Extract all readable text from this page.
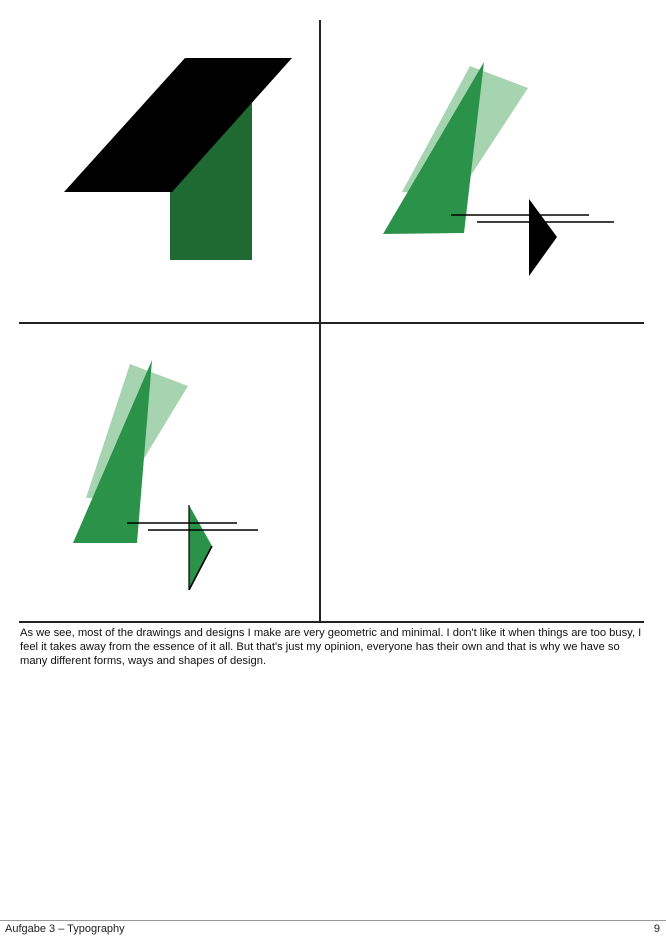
As we see, most of the drawings and designs I make are very geometric and minimal. I don't like it when things are too busy, I feel it takes away from the essence of it all. But that's just my opinion, everyone has their own and that is why we have so many different forms, ways and shapes of design.

Aufgabe 3 – Typography	9
